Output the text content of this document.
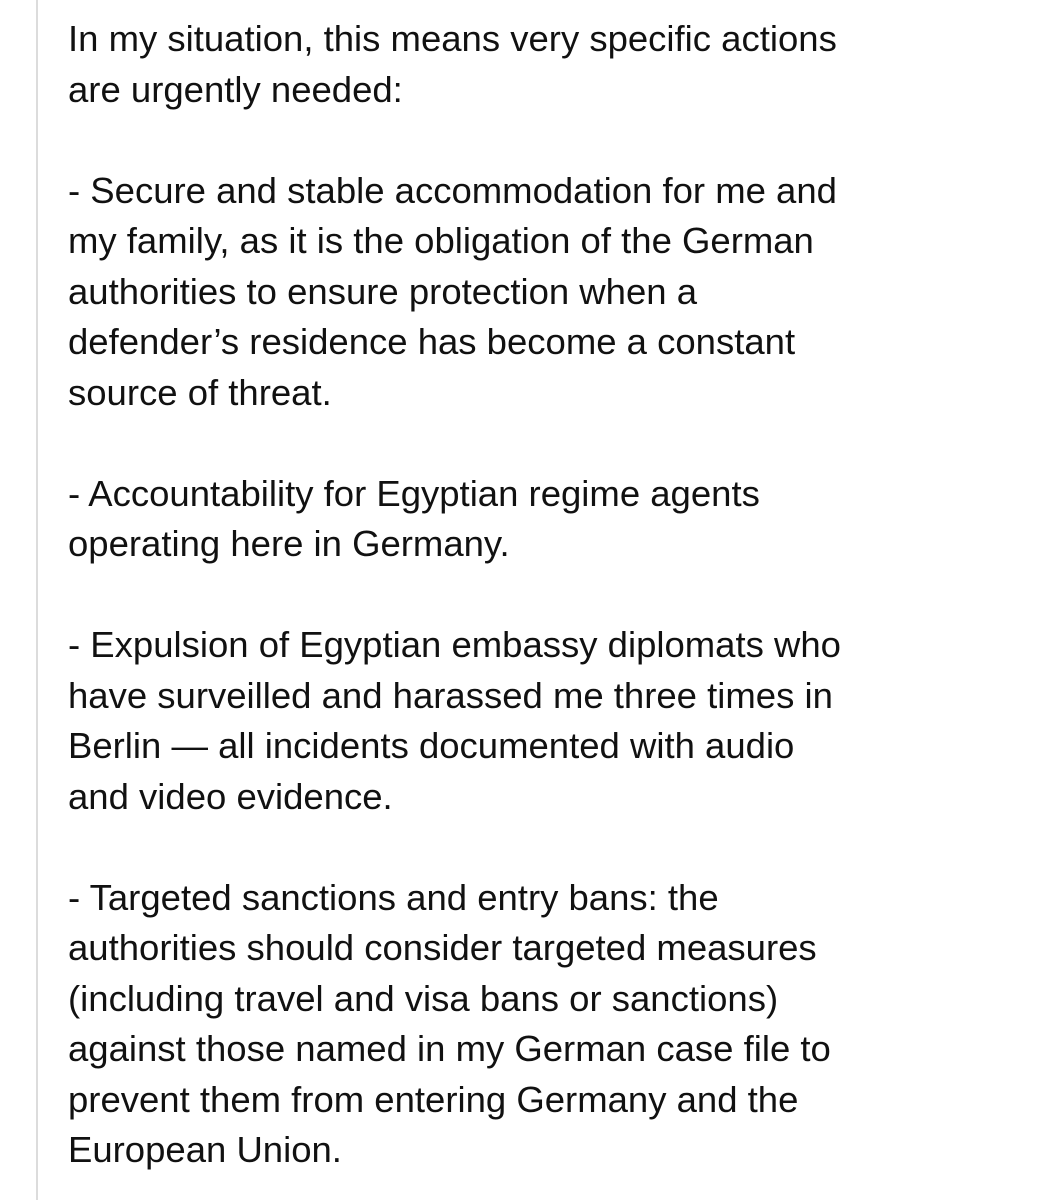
In my situation, this means very specific actions
are urgently needed:
- Secure and stable accommodation for me and
my family, as it is the obligation of the German
authorities to ensure protection when a
defender’s residence has become a constant
source of threat.
- Accountability for Egyptian regime agents
operating here in Germany.
- Expulsion of Egyptian embassy diplomats who
have surveilled and harassed me three times in
Berlin — all incidents documented with audio
and video evidence.
- Targeted sanctions and entry bans: the
authorities should consider targeted measures
(including travel and visa bans or sanctions)
against those named in my German case file to
prevent them from entering Germany and the
European Union.
